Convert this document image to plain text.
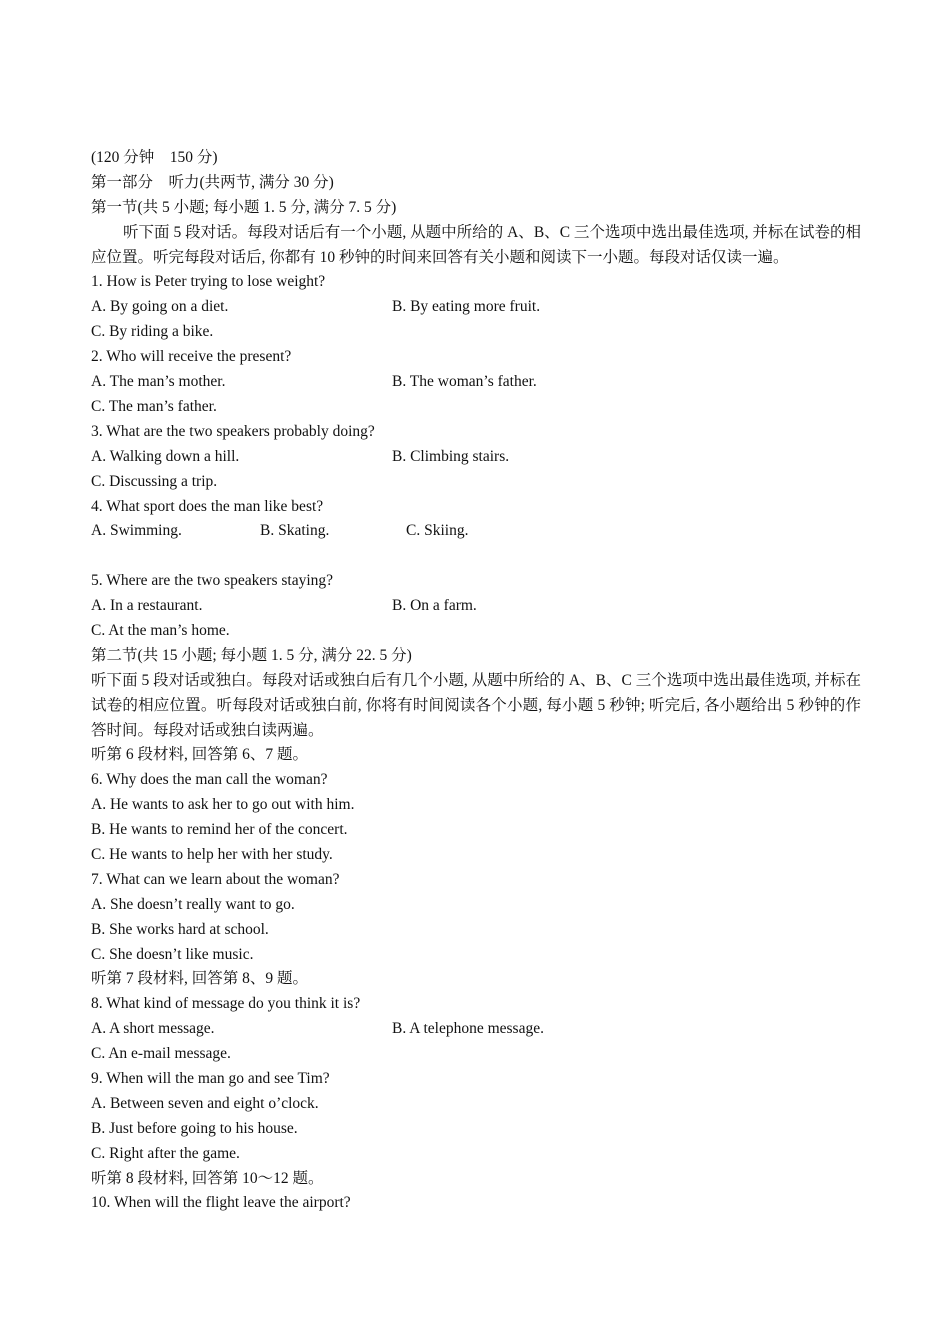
(120 分钟　150 分)
第一部分　听力(共两节, 满分 30 分)
第一节(共 5 小题; 每小题 1. 5 分, 满分 7. 5 分)
听下面 5 段对话。每段对话后有一个小题, 从题中所给的 A、B、C 三个选项中选出最佳选项, 并标在试卷的相应位置。听完每段对话后, 你都有 10 秒钟的时间来回答有关小题和阅读下一小题。每段对话仅读一遍。
1. How is Peter trying to lose weight?
A. By going on a diet.	B. By eating more fruit.
C. By riding a bike.
2. Who will receive the present?
A. The man’s mother.	B. The woman’s father.
C. The man’s father.
3. What are the two speakers probably doing?
A. Walking down a hill.	B. Climbing stairs.
C. Discussing a trip.
4. What sport does the man like best?
A. Swimming.	B. Skating.	C. Skiing.
5. Where are the two speakers staying?
A. In a restaurant.	B. On a farm.
C. At the man’s home.
第二节(共 15 小题; 每小题 1. 5 分, 满分 22. 5 分)
听下面 5 段对话或独白。每段对话或独白后有几个小题, 从题中所给的 A、B、C 三个选项中选出最佳选项, 并标在试卷的相应位置。听每段对话或独白前, 你将有时间阅读各个小题, 每小题 5 秒钟; 听完后, 各小题给出 5 秒钟的作答时间。每段对话或独白读两遍。
听第 6 段材料, 回答第 6、7 题。
6. Why does the man call the woman?
A. He wants to ask her to go out with him.
B. He wants to remind her of the concert.
C. He wants to help her with her study.
7. What can we learn about the woman?
A. She doesn’t really want to go.
B. She works hard at school.
C. She doesn’t like music.
听第 7 段材料, 回答第 8、9 题。
8. What kind of message do you think it is?
A. A short message.	B. A telephone message.
C. An e-mail message.
9. When will the man go and see Tim?
A. Between seven and eight o’clock.
B. Just before going to his house.
C. Right after the game.
听第 8 段材料, 回答第 10～12 题。
10. When will the flight leave the airport?
